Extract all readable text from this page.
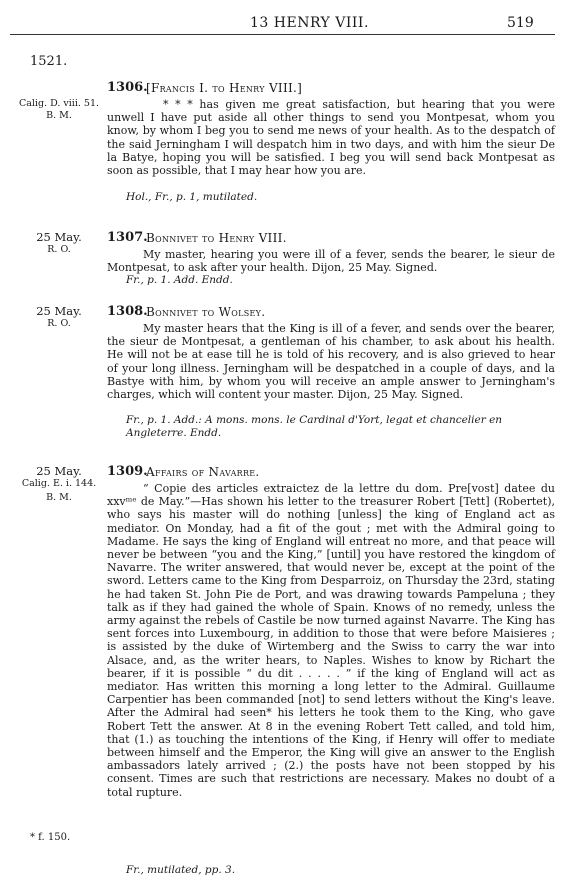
13 HENRY VIII.	519
1521.
Calig. D. viii. 51.
B. M.
1306.
[Francis I. to Henry VIII.]
* * * has given me great satisfaction, but hearing that you were unwell I have put aside all other things to send you Montpesat, whom you know, by whom I beg you to send me news of your health. As to the despatch of the said Jerningham I will despatch him in two days, and with him the sieur De la Batye, hoping you will be satisfied. I beg you will send back Montpesat as soon as possible, that I may hear how you are.
Hol., Fr., p. 1, mutilated.
25 May.
R. O.
1307.
Bonnivet to Henry VIII.
My master, hearing you were ill of a fever, sends the bearer, le sieur de Montpesat, to ask after your health. Dijon, 25 May. Signed.
Fr., p. 1. Add. Endd.
25 May.
R. O.
1308.
Bonnivet to Wolsey.
My master hears that the King is ill of a fever, and sends over the bearer, the sieur de Montpesat, a gentleman of his chamber, to ask about his health. He will not be at ease till he is told of his recovery, and is also grieved to hear of your long illness. Jerningham will be despatched in a couple of days, and la Bastye with him, by whom you will receive an ample answer to Jerningham's charges, which will content your master. Dijon, 25 May. Signed.
Fr., p. 1. Add.: A mons. mons. le Cardinal d'Yort, legat et chancelier en Angleterre. Endd.
25 May.
Calig. E. i. 144.
B. M.
* f. 150.
1309.
Affairs of Navarre.
“ Copie des articles extraictez de la lettre du dom. Pre[vost] datee du xxvᵐᵉ de May.”—Has shown his letter to the treasurer Robert [Tett] (Robertet), who says his master will do nothing [unless] the king of England act as mediator. On Monday, had a fit of the gout ; met with the Admiral going to Madame. He says the king of England will entreat no more, and that peace will never be between “you and the King,” [until] you have restored the kingdom of Navarre. The writer answered, that would never be, except at the point of the sword. Letters came to the King from Desparroiz, on Thursday the 23rd, stating he had taken St. John Pie de Port, and was drawing towards Pampeluna ; they talk as if they had gained the whole of Spain. Knows of no remedy, unless the army against the rebels of Castile be now turned against Navarre. The King has sent forces into Luxembourg, in addition to those that were before Maisieres ; is assisted by the duke of Wirtemberg and the Swiss to carry the war into Alsace, and, as the writer hears, to Naples. Wishes to know by Richart the bearer, if it is possible “ du dit . . . . . ” if the king of England will act as mediator. Has written this morning a long letter to the Admiral. Guillaume Carpentier has been commanded [not] to send letters without the King's leave. After the Admiral had seen* his letters he took them to the King, who gave Robert Tett the answer. At 8 in the evening Robert Tett called, and told him, that (1.) as touching the intentions of the King, if Henry will offer to mediate between himself and the Emperor, the King will give an answer to the English ambassadors lately arrived ; (2.) the posts have not been stopped by his consent. Times are such that restrictions are necessary. Makes no doubt of a total rupture.
Fr., mutilated, pp. 3.
